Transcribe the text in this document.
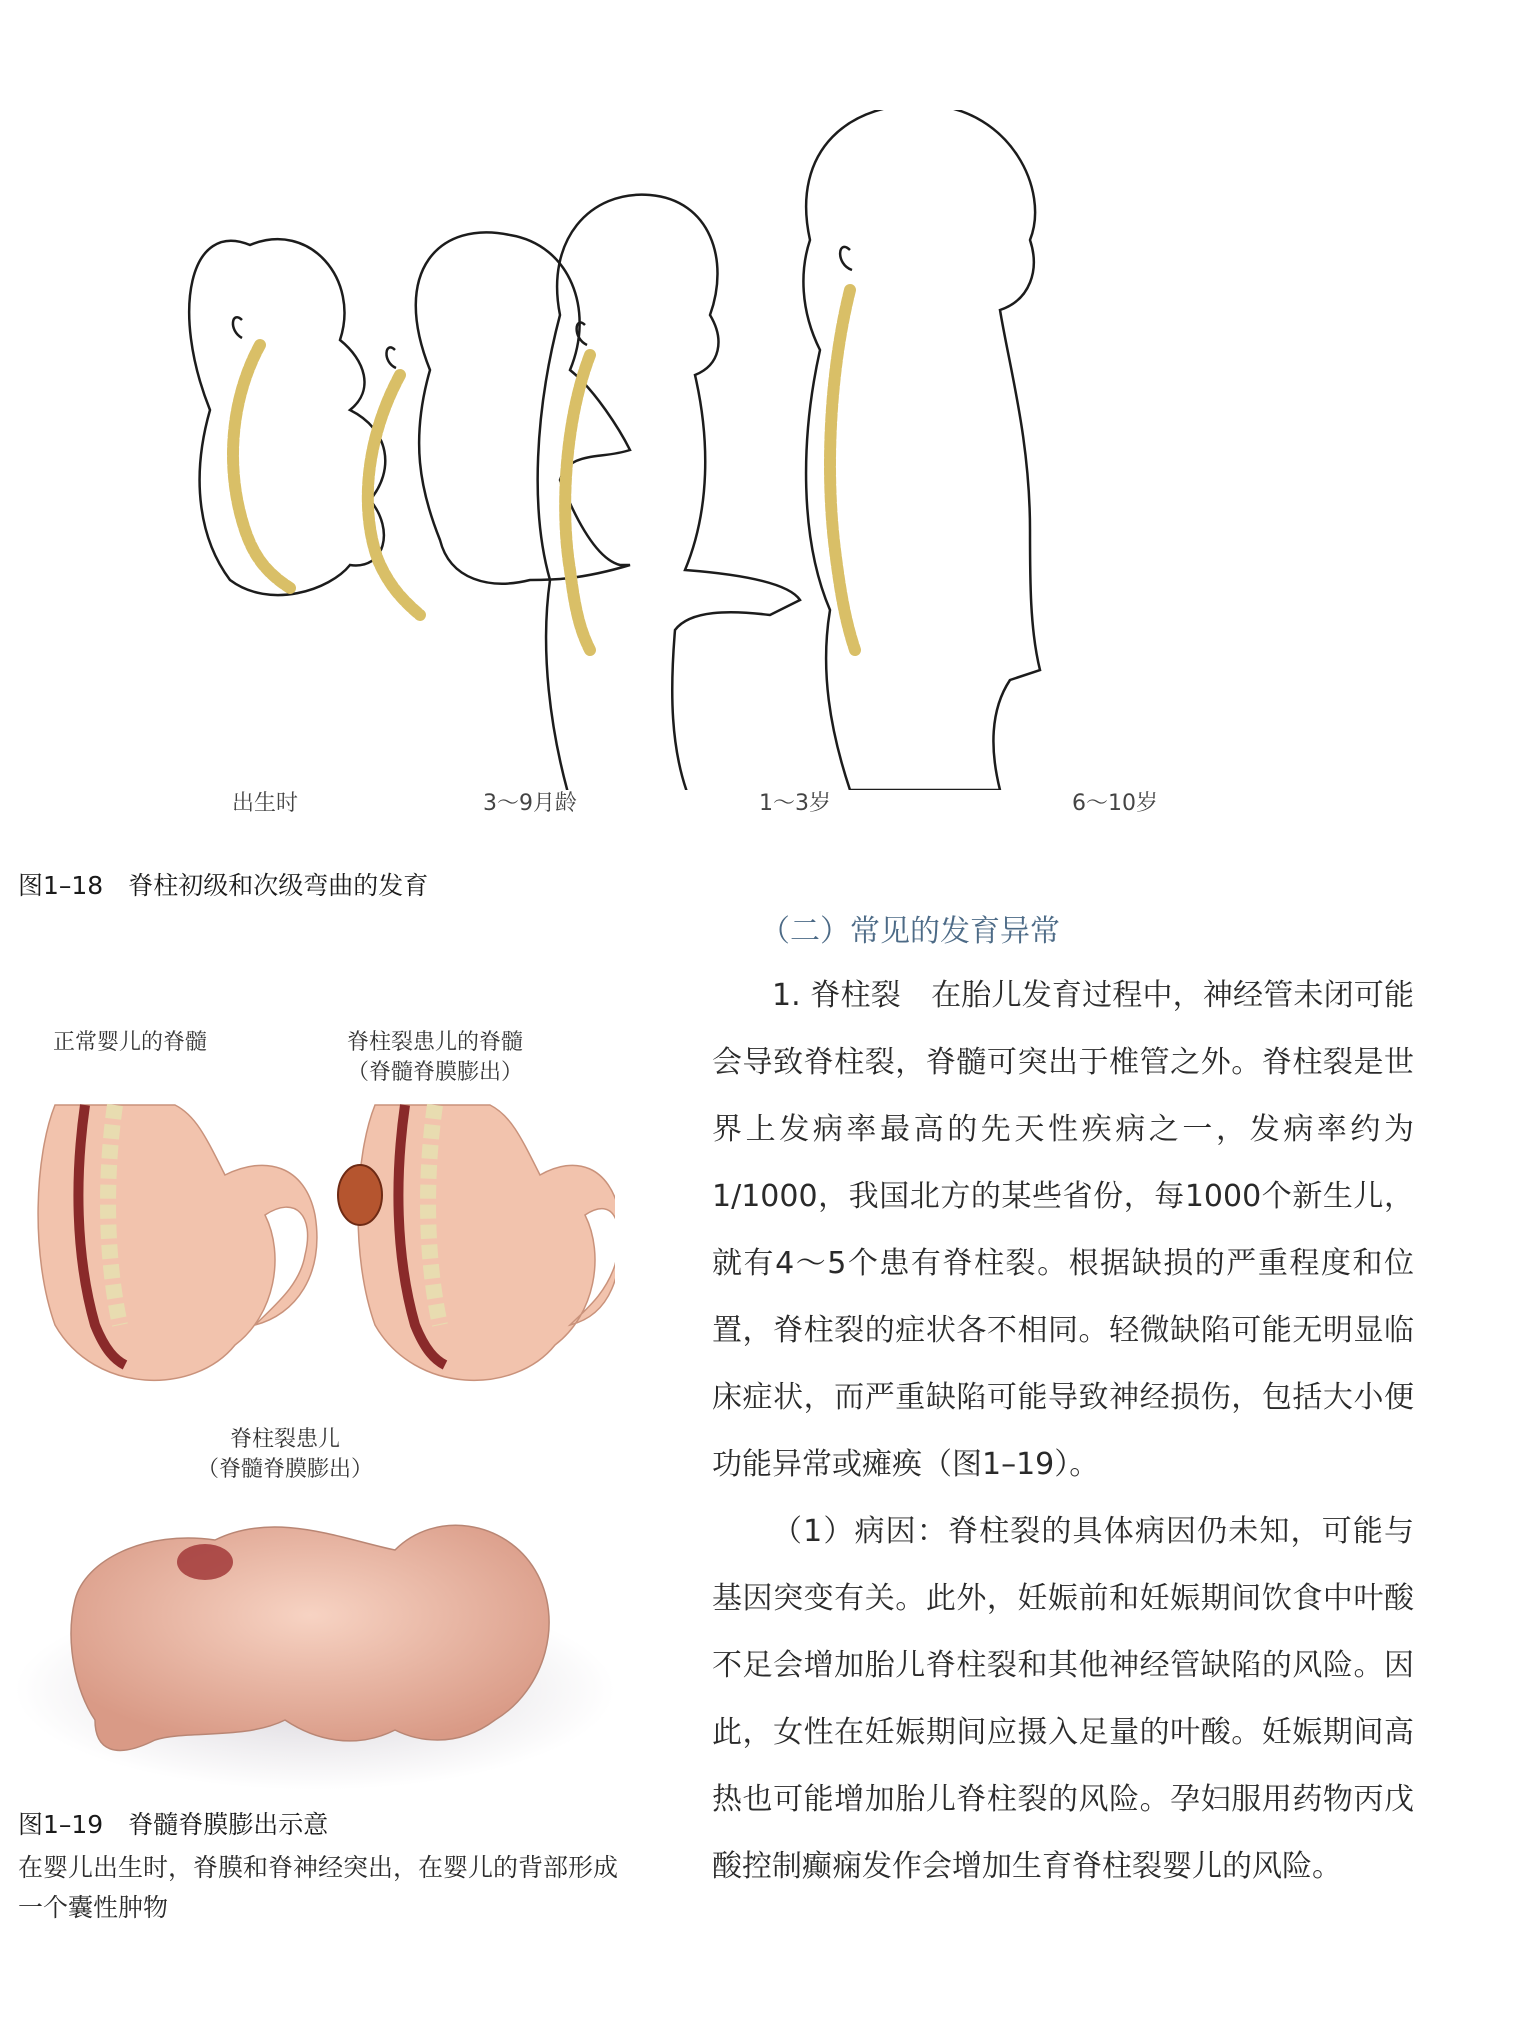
出生时	3～9月龄	1～3岁	6～10岁
图1–18　脊柱初级和次级弯曲的发育
（二）常见的发育异常

1. 脊柱裂　在胎儿发育过程中，神经管未闭可能会导致脊柱裂，脊髓可突出于椎管之外。脊柱裂是世界上发病率最高的先天性疾病之一，发病率约为1/1000，我国北方的某些省份，每1000个新生儿，就有4～5个患有脊柱裂。根据缺损的严重程度和位置，脊柱裂的症状各不相同。轻微缺陷可能无明显临床症状，而严重缺陷可能导致神经损伤，包括大小便功能异常或瘫痪（图1–19）。

（1）病因：脊柱裂的具体病因仍未知，可能与基因突变有关。此外，妊娠前和妊娠期间饮食中叶酸不足会增加胎儿脊柱裂和其他神经管缺陷的风险。因此，女性在妊娠期间应摄入足量的叶酸。妊娠期间高热也可能增加胎儿脊柱裂的风险。孕妇服用药物丙戊酸控制癫痫发作会增加生育脊柱裂婴儿的风险。

正常婴儿的脊髓	脊柱裂患儿的脊髓
（脊髓脊膜膨出）
脊柱裂患儿
（脊髓脊膜膨出）
图1–19　脊髓脊膜膨出示意
在婴儿出生时，脊膜和脊神经突出，在婴儿的背部形成一个囊性肿物
